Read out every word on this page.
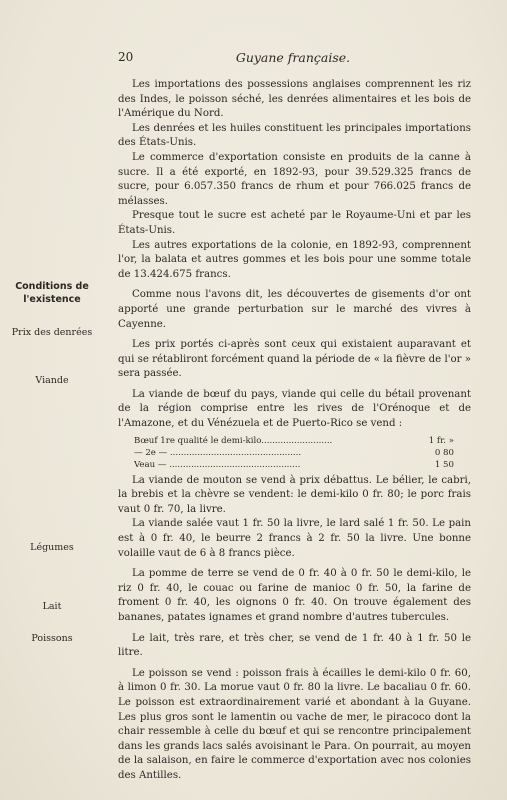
20	Guyane française.
Conditions de l'existence
Prix des denrées
Viande
Légumes
Lait
Poissons

Les importations des possessions anglaises comprennent les riz des Indes, le poisson séché, les denrées alimentaires et les bois de l'Amérique du Nord.

Les denrées et les huiles constituent les principales importations des États-Unis.

Le commerce d'exportation consiste en produits de la canne à sucre. Il a été exporté, en 1892-93, pour 39.529.325 francs de sucre, pour 6.057.350 francs de rhum et pour 766.025 francs de mélasses.

Presque tout le sucre est acheté par le Royaume-Uni et par les États-Unis.

Les autres exportations de la colonie, en 1892-93, comprennent l'or, la balata et autres gommes et les bois pour une somme totale de 13.424.675 francs.

Comme nous l'avons dit, les découvertes de gisements d'or ont apporté une grande perturbation sur le marché des vivres à Cayenne.

Les prix portés ci-après sont ceux qui existaient auparavant et qui se rétabliront forcément quand la période de « la fièvre de l'or » sera passée.

La viande de bœuf du pays, viande qui celle du bétail provenant de la région comprise entre les rives de l'Orénoque et de l'Amazone, et du Vénézuela et de Puerto-Rico se vend :

Bœuf 1re qualité le demi-kilo..........................	1 fr. »
— 2e — ................................................	0 80
Veau — ................................................	1 50

La viande de mouton se vend à prix débattus. Le bélier, le cabri, la brebis et la chèvre se vendent: le demi-kilo 0 fr. 80; le porc frais vaut 0 fr. 70, la livre.

La viande salée vaut 1 fr. 50 la livre, le lard salé 1 fr. 50. Le pain est à 0 fr. 40, le beurre 2 francs à 2 fr. 50 la livre. Une bonne volaille vaut de 6 à 8 francs pièce.

La pomme de terre se vend de 0 fr. 40 à 0 fr. 50 le demi-kilo, le riz 0 fr. 40, le couac ou farine de manioc 0 fr. 50, la farine de froment 0 fr. 40, les oignons 0 fr. 40. On trouve également des bananes, patates ignames et grand nombre d'autres tubercules.

Le lait, très rare, et très cher, se vend de 1 fr. 40 à 1 fr. 50 le litre.

Le poisson se vend : poisson frais à écailles le demi-kilo 0 fr. 60, à limon 0 fr. 30. La morue vaut 0 fr. 80 la livre. Le bacaliau 0 fr. 60. Le poisson est extraordinairement varié et abondant à la Guyane. Les plus gros sont le lamentin ou vache de mer, le piracoco dont la chair ressemble à celle du bœuf et qui se rencontre principalement dans les grands lacs salés avoisinant le Para. On pourrait, au moyen de la salaison, en faire le commerce d'exportation avec nos colonies des Antilles.
